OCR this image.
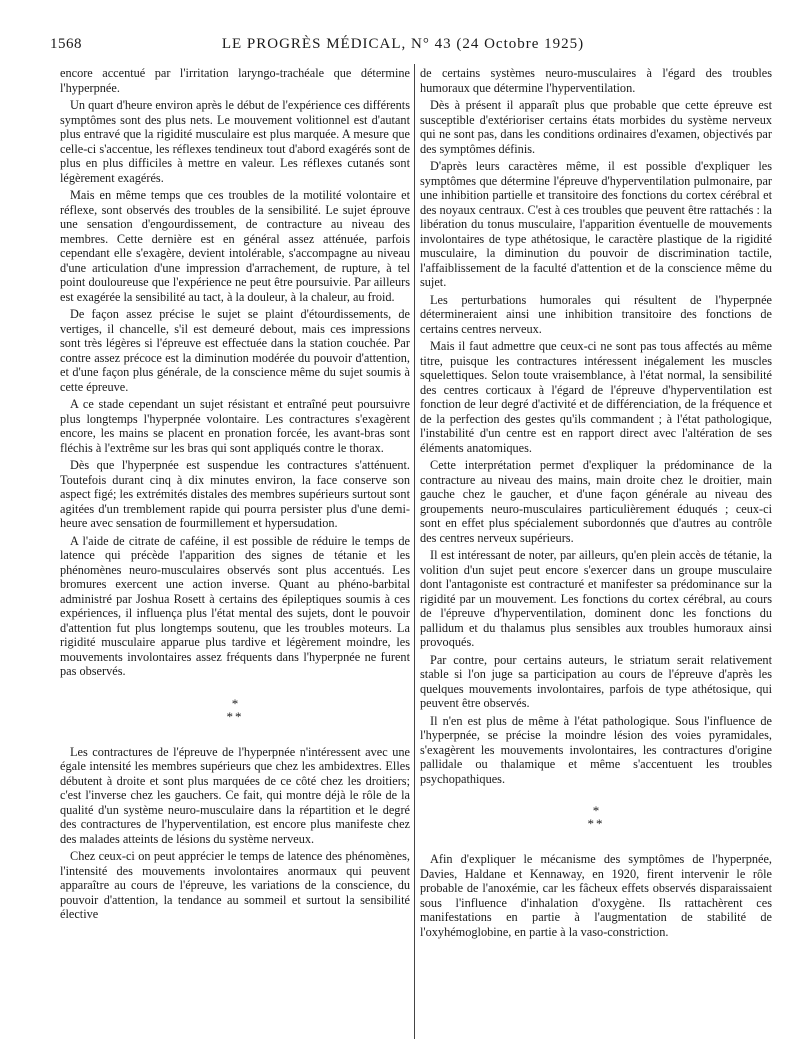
1568	LE PROGRÈS MÉDICAL, N° 43 (24 Octobre 1925)

encore accentué par l'irritation laryngo-trachéale que détermine l'hyperpnée.

Un quart d'heure environ après le début de l'expérience ces différents symptômes sont des plus nets. Le mouvement volitionnel est d'autant plus entravé que la rigidité musculaire est plus marquée. A mesure que celle-ci s'accentue, les réflexes tendineux tout d'abord exagérés sont de plus en plus difficiles à mettre en valeur. Les réflexes cutanés sont légèrement exagérés.

Mais en même temps que ces troubles de la motilité volontaire et réflexe, sont observés des troubles de la sensibilité. Le sujet éprouve une sensation d'engourdissement, de contracture au niveau des membres. Cette dernière est en général assez atténuée, parfois cependant elle s'exagère, devient intolérable, s'accompagne au niveau d'une articulation d'une impression d'arrachement, de rupture, à tel point douloureuse que l'expérience ne peut être poursuivie. Par ailleurs est exagérée la sensibilité au tact, à la douleur, à la chaleur, au froid.

De façon assez précise le sujet se plaint d'étourdissements, de vertiges, il chancelle, s'il est demeuré debout, mais ces impressions sont très légères si l'épreuve est effectuée dans la station couchée. Par contre assez précoce est la diminution modérée du pouvoir d'attention, et d'une façon plus générale, de la conscience même du sujet soumis à cette épreuve.

A ce stade cependant un sujet résistant et entraîné peut poursuivre plus longtemps l'hyperpnée volontaire. Les contractures s'exagèrent encore, les mains se placent en pronation forcée, les avant-bras sont fléchis à l'extrême sur les bras qui sont appliqués contre le thorax.

Dès que l'hyperpnée est suspendue les contractures s'atténuent. Toutefois durant cinq à dix minutes environ, la face conserve son aspect figé; les extrémités distales des membres supérieurs surtout sont agitées d'un tremblement rapide qui pourra persister plus d'une demi-heure avec sensation de fourmillement et hypersudation.

A l'aide de citrate de caféine, il est possible de réduire le temps de latence qui précède l'apparition des signes de tétanie et les phénomènes neuro-musculaires observés sont plus accentués. Les bromures exercent une action inverse. Quant au phéno-barbital administré par Joshua Rosett à certains des épileptiques soumis à ces expériences, il influença plus l'état mental des sujets, dont le pouvoir d'attention fut plus longtemps soutenu, que les troubles moteurs. La rigidité musculaire apparue plus tardive et légèrement moindre, les mouvements involontaires assez fréquents dans l'hyperpnée ne furent pas observés.

*
**

Les contractures de l'épreuve de l'hyperpnée n'intéressent avec une égale intensité les membres supérieurs que chez les ambidextres. Elles débutent à droite et sont plus marquées de ce côté chez les droitiers; c'est l'inverse chez les gauchers. Ce fait, qui montre déjà le rôle de la qualité d'un système neuro-musculaire dans la répartition et le degré des contractures de l'hyperventilation, est encore plus manifeste chez des malades atteints de lésions du système nerveux.

Chez ceux-ci on peut apprécier le temps de latence des phénomènes, l'intensité des mouvements involontaires anormaux qui peuvent apparaître au cours de l'épreuve, les variations de la conscience, du pouvoir d'attention, la tendance au sommeil et surtout la sensibilité élective

de certains systèmes neuro-musculaires à l'égard des troubles humoraux que détermine l'hyperventilation.

Dès à présent il apparaît plus que probable que cette épreuve est susceptible d'extérioriser certains états morbides du système nerveux qui ne sont pas, dans les conditions ordinaires d'examen, objectivés par des symptômes définis.

D'après leurs caractères même, il est possible d'expliquer les symptômes que détermine l'épreuve d'hyperventilation pulmonaire, par une inhibition partielle et transitoire des fonctions du cortex cérébral et des noyaux centraux. C'est à ces troubles que peuvent être rattachés : la libération du tonus musculaire, l'apparition éventuelle de mouvements involontaires de type athétosique, le caractère plastique de la rigidité musculaire, la diminution du pouvoir de discrimination tactile, l'affaiblissement de la faculté d'attention et de la conscience même du sujet.

Les perturbations humorales qui résultent de l'hyperpnée détermineraient ainsi une inhibition transitoire des fonctions de certains centres nerveux.

Mais il faut admettre que ceux-ci ne sont pas tous affectés au même titre, puisque les contractures intéressent inégalement les muscles squelettiques. Selon toute vraisemblance, à l'état normal, la sensibilité des centres corticaux à l'égard de l'épreuve d'hyperventilation est fonction de leur degré d'activité et de différenciation, de la fréquence et de la perfection des gestes qu'ils commandent ; à l'état pathologique, l'instabilité d'un centre est en rapport direct avec l'altération de ses éléments anatomiques.

Cette interprétation permet d'expliquer la prédominance de la contracture au niveau des mains, main droite chez le droitier, main gauche chez le gaucher, et d'une façon générale au niveau des groupements neuro-musculaires particulièrement éduqués ; ceux-ci sont en effet plus spécialement subordonnés que d'autres au contrôle des centres nerveux supérieurs.

Il est intéressant de noter, par ailleurs, qu'en plein accès de tétanie, la volition d'un sujet peut encore s'exercer dans un groupe musculaire dont l'antagoniste est contracturé et manifester sa prédominance sur la rigidité par un mouvement. Les fonctions du cortex cérébral, au cours de l'épreuve d'hyperventilation, dominent donc les fonctions du pallidum et du thalamus plus sensibles aux troubles humoraux ainsi provoqués.

Par contre, pour certains auteurs, le striatum serait relativement stable si l'on juge sa participation au cours de l'épreuve d'après les quelques mouvements involontaires, parfois de type athétosique, qui peuvent être observés.

Il n'en est plus de même à l'état pathologique. Sous l'influence de l'hyperpnée, se précise la moindre lésion des voies pyramidales, s'exagèrent les mouvements involontaires, les contractures d'origine pallidale ou thalamique et même s'accentuent les troubles psychopathiques.

*
**

Afin d'expliquer le mécanisme des symptômes de l'hyperpnée, Davies, Haldane et Kennaway, en 1920, firent intervenir le rôle probable de l'anoxémie, car les fâcheux effets observés disparaissaient sous l'influence d'inhalation d'oxygène. Ils rattachèrent ces manifestations en partie à l'augmentation de stabilité de l'oxyhémoglobine, en partie à la vaso-constriction.
